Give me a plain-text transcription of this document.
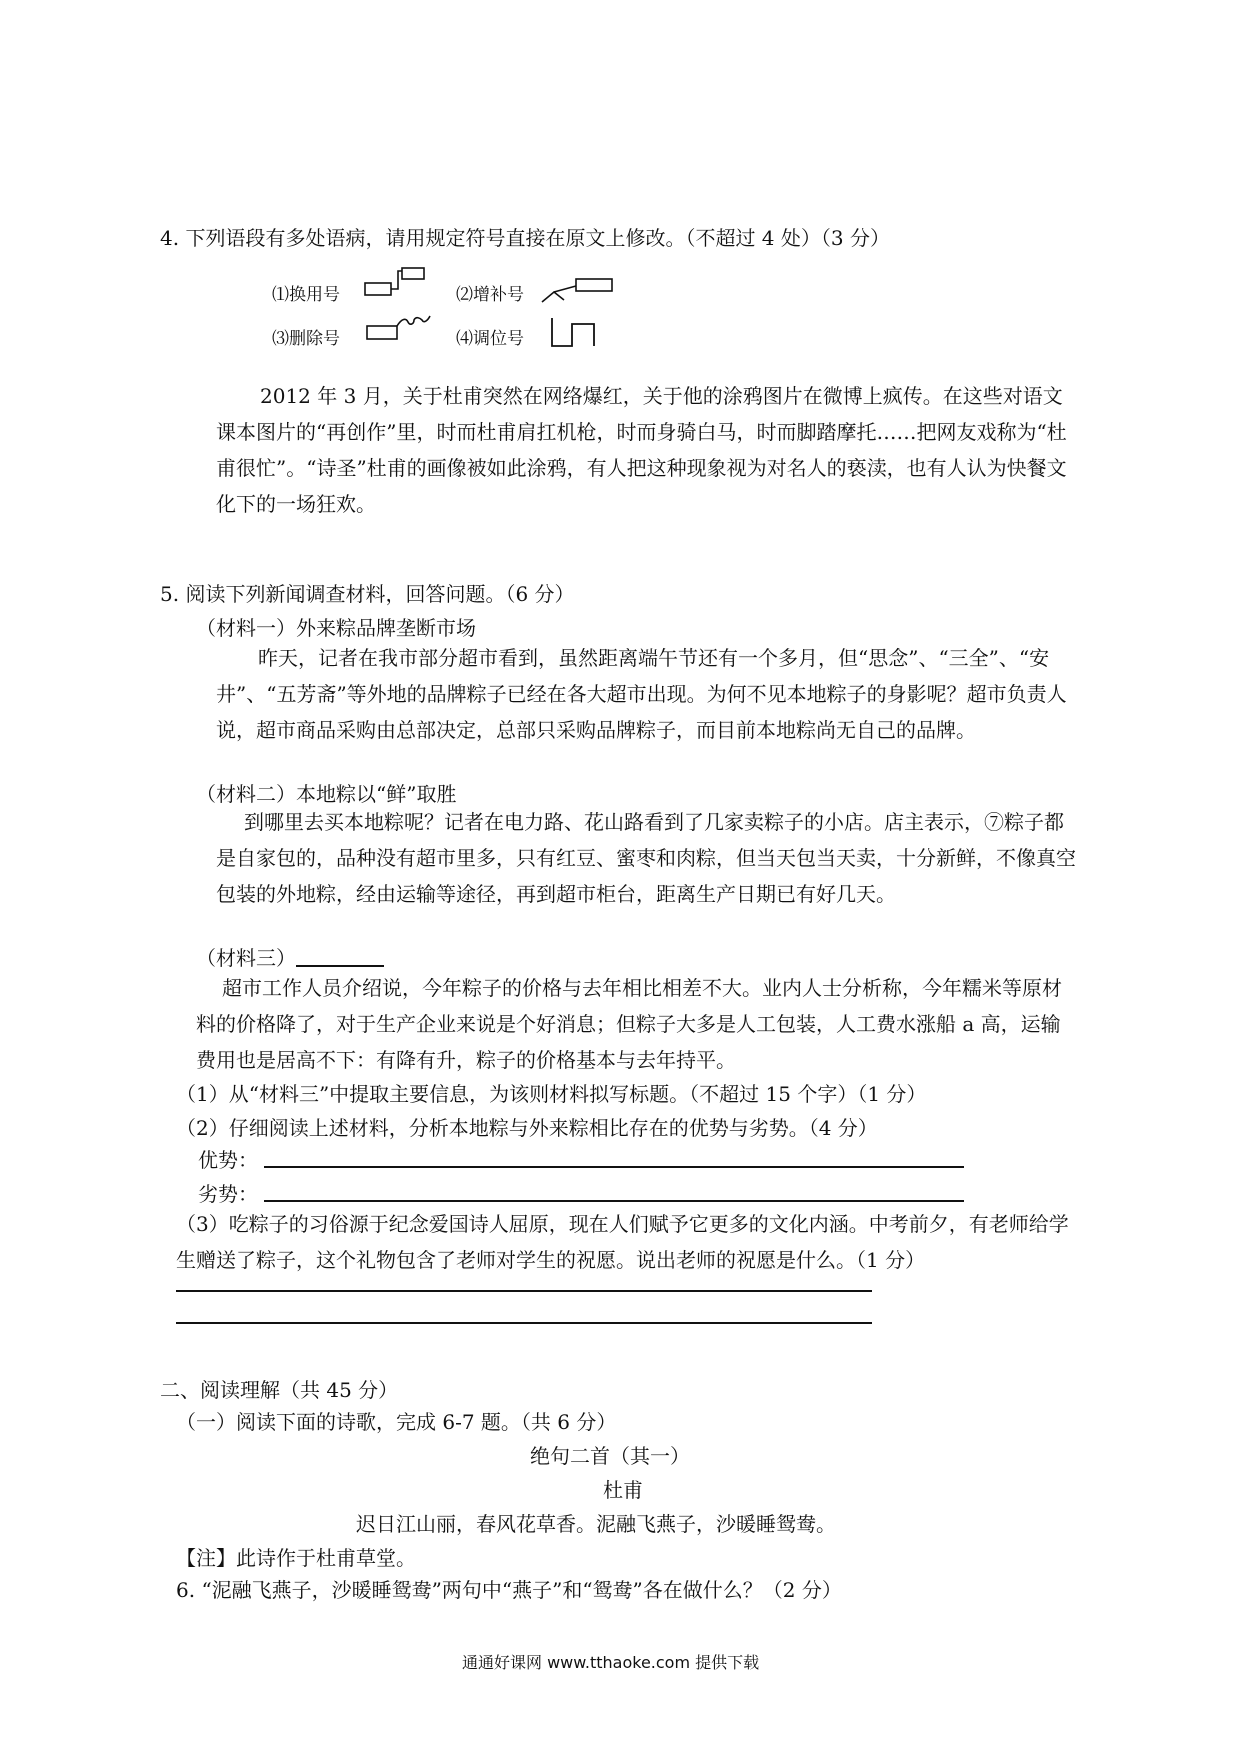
4. 下列语段有多处语病，请用规定符号直接在原文上修改。（不超过 4 处）（3 分）
⑴换用号	⑵增补号
⑶删除号	⑷调位号
2012 年 3 月，关于杜甫突然在网络爆红，关于他的涂鸦图片在微博上疯传。在这些对语文课本图片的“再创作”里，时而杜甫肩扛机枪，时而身骑白马，时而脚踏摩托……把网友戏称为“杜甫很忙”。“诗圣”杜甫的画像被如此涂鸦，有人把这种现象视为对名人的亵渎，也有人认为快餐文化下的一场狂欢。
5. 阅读下列新闻调查材料，回答问题。（6 分）
（材料一）外来粽品牌垄断市场
昨天，记者在我市部分超市看到，虽然距离端午节还有一个多月，但“思念”、“三全”、“安井”、“五芳斋”等外地的品牌粽子已经在各大超市出现。为何不见本地粽子的身影呢？超市负责人说，超市商品采购由总部决定，总部只采购品牌粽子，而目前本地粽尚无自己的品牌。
（材料二）本地粽以“鲜”取胜
到哪里去买本地粽呢？记者在电力路、花山路看到了几家卖粽子的小店。店主表示，⑦粽子都是自家包的，品种没有超市里多，只有红豆、蜜枣和肉粽，但当天包当天卖，十分新鲜，不像真空包装的外地粽，经由运输等途径，再到超市柜台，距离生产日期已有好几天。
（材料三）
超市工作人员介绍说，今年粽子的价格与去年相比相差不大。业内人士分析称，今年糯米等原材料的价格降了，对于生产企业来说是个好消息；但粽子大多是人工包装，人工费水涨船 a 高，运输费用也是居高不下：有降有升，粽子的价格基本与去年持平。
（1）从“材料三”中提取主要信息，为该则材料拟写标题。（不超过 15 个字）（1 分）
（2）仔细阅读上述材料，分析本地粽与外来粽相比存在的优势与劣势。（4 分）
优势：
劣势：
（3）吃粽子的习俗源于纪念爱国诗人屈原，现在人们赋予它更多的文化内涵。中考前夕，有老师给学生赠送了粽子，这个礼物包含了老师对学生的祝愿。说出老师的祝愿是什么。（1 分）
二、阅读理解（共 45 分）
（一）阅读下面的诗歌，完成 6-7 题。（共 6 分）
绝句二首（其一）
杜甫
迟日江山丽，春风花草香。泥融飞燕子，沙暖睡鸳鸯。
【注】此诗作于杜甫草堂。
6. “泥融飞燕子，沙暖睡鸳鸯”两句中“燕子”和“鸳鸯”各在做什么？（2 分）
通通好课网 www.tthaoke.com 提供下载
